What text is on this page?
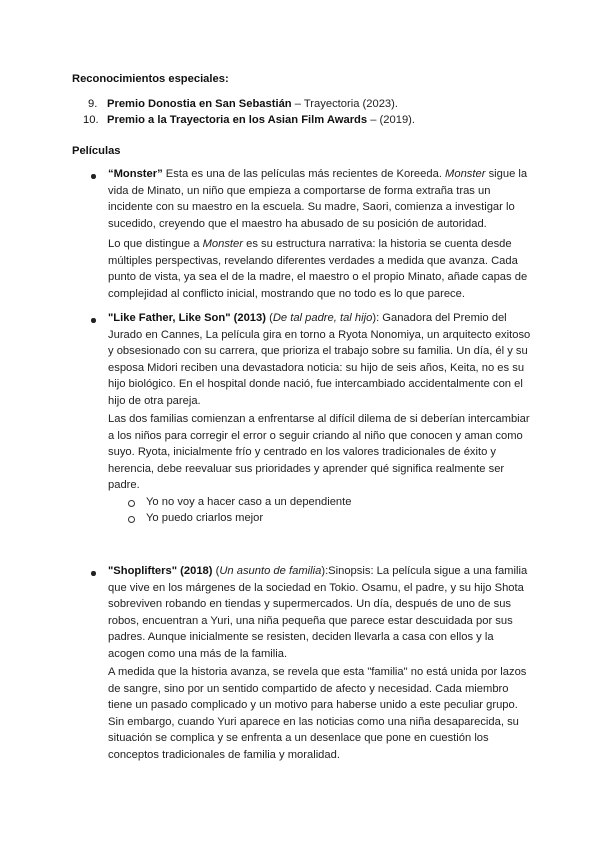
Reconocimientos especiales:
9. Premio Donostia en San Sebastián – Trayectoria (2023).
10. Premio a la Trayectoria en los Asian Film Awards – (2019).
Películas
“Monster” Esta es una de las películas más recientes de Koreeda. Monster sigue la vida de Minato, un niño que empieza a comportarse de forma extraña tras un incidente con su maestro en la escuela. Su madre, Saori, comienza a investigar lo sucedido, creyendo que el maestro ha abusado de su posición de autoridad.
Lo que distingue a Monster es su estructura narrativa: la historia se cuenta desde múltiples perspectivas, revelando diferentes verdades a medida que avanza. Cada punto de vista, ya sea el de la madre, el maestro o el propio Minato, añade capas de complejidad al conflicto inicial, mostrando que no todo es lo que parece.
"Like Father, Like Son" (2013) (De tal padre, tal hijo): Ganadora del Premio del Jurado en Cannes, La película gira en torno a Ryota Nonomiya, un arquitecto exitoso y obsesionado con su carrera, que prioriza el trabajo sobre su familia. Un día, él y su esposa Midori reciben una devastadora noticia: su hijo de seis años, Keita, no es su hijo biológico. En el hospital donde nació, fue intercambiado accidentalmente con el hijo de otra pareja.
Las dos familias comienzan a enfrentarse al difícil dilema de si deberían intercambiar a los niños para corregir el error o seguir criando al niño que conocen y aman como suyo. Ryota, inicialmente frío y centrado en los valores tradicionales de éxito y herencia, debe reevaluar sus prioridades y aprender qué significa realmente ser padre.
Yo no voy a hacer caso a un dependiente
Yo puedo criarlos mejor
"Shoplifters" (2018) (Un asunto de familia):Sinopsis: La película sigue a una familia que vive en los márgenes de la sociedad en Tokio. Osamu, el padre, y su hijo Shota sobreviven robando en tiendas y supermercados. Un día, después de uno de sus robos, encuentran a Yuri, una niña pequeña que parece estar descuidada por sus padres. Aunque inicialmente se resisten, deciden llevarla a casa con ellos y la acogen como una más de la familia.
A medida que la historia avanza, se revela que esta "familia" no está unida por lazos de sangre, sino por un sentido compartido de afecto y necesidad. Cada miembro tiene un pasado complicado y un motivo para haberse unido a este peculiar grupo. Sin embargo, cuando Yuri aparece en las noticias como una niña desaparecida, su situación se complica y se enfrenta a un desenlace que pone en cuestión los conceptos tradicionales de familia y moralidad.
